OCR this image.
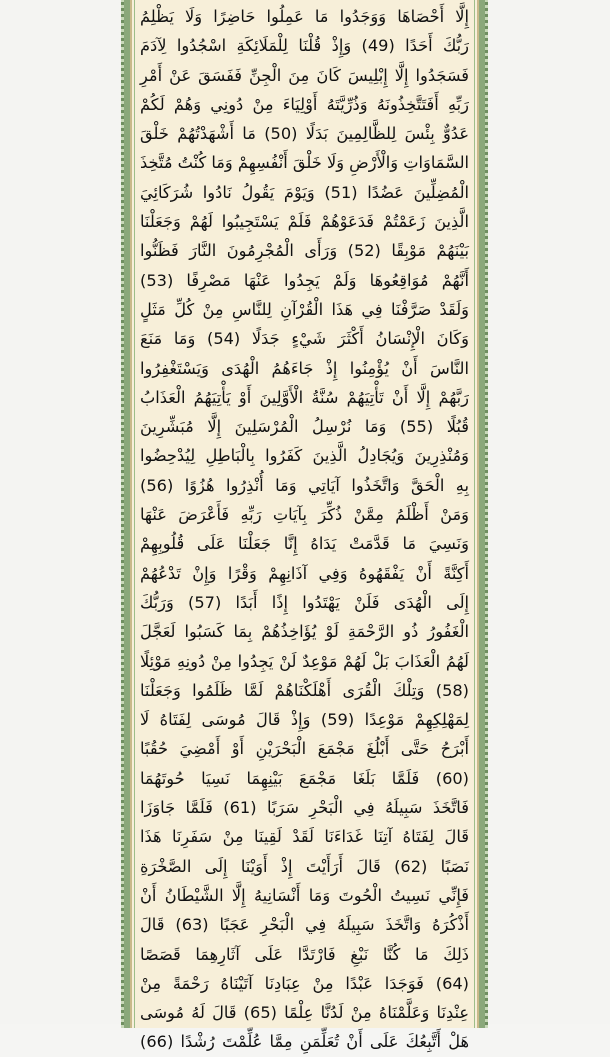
إِلَّا أَحْصَاهَا وَوَجَدُوا مَا عَمِلُوا حَاضِرًا وَلَا يَظْلِمُ
رَبُّكَ أَحَدًا (49) وَإِذْ قُلْنَا لِلْمَلَائِكَةِ اسْجُدُوا لِآدَمَ
فَسَجَدُوا إِلَّا إِبْلِيسَ كَانَ مِنَ الْجِنِّ فَفَسَقَ عَنْ أَمْرِ
رَبِّهِ أَفَتَتَّخِذُونَهُ وَذُرِّيَّتَهُ أَوْلِيَاءَ مِنْ دُونِي وَهُمْ لَكُمْ
عَدُوٌّ بِئْسَ لِلظَّالِمِينَ بَدَلًا (50) مَا أَشْهَدْتُهُمْ خَلْقَ
السَّمَاوَاتِ وَالْأَرْضِ وَلَا خَلْقَ أَنْفُسِهِمْ وَمَا كُنْتُ مُتَّخِذَ
الْمُضِلِّينَ عَضُدًا (51) وَيَوْمَ يَقُولُ نَادُوا شُرَكَائِيَ
الَّذِينَ زَعَمْتُمْ فَدَعَوْهُمْ فَلَمْ يَسْتَجِيبُوا لَهُمْ وَجَعَلْنَا
بَيْنَهُمْ مَوْبِقًا (52) وَرَأَى الْمُجْرِمُونَ النَّارَ فَظَنُّوا
أَنَّهُمْ مُوَاقِعُوهَا وَلَمْ يَجِدُوا عَنْهَا مَصْرِفًا (53)
وَلَقَدْ صَرَّفْنَا فِي هَذَا الْقُرْآنِ لِلنَّاسِ مِنْ كُلِّ مَثَلٍ
وَكَانَ الْإِنْسَانُ أَكْثَرَ شَيْءٍ جَدَلًا (54) وَمَا مَنَعَ
النَّاسَ أَنْ يُؤْمِنُوا إِذْ جَاءَهُمُ الْهُدَى وَيَسْتَغْفِرُوا
رَبَّهُمْ إِلَّا أَنْ تَأْتِيَهُمْ سُنَّةُ الْأَوَّلِينَ أَوْ يَأْتِيَهُمُ الْعَذَابُ
قُبُلًا (55) وَمَا نُرْسِلُ الْمُرْسَلِينَ إِلَّا مُبَشِّرِينَ
وَمُنْذِرِينَ وَيُجَادِلُ الَّذِينَ كَفَرُوا بِالْبَاطِلِ لِيُدْحِضُوا
بِهِ الْحَقَّ وَاتَّخَذُوا آيَاتِي وَمَا أُنْذِرُوا هُزُوًا (56)
وَمَنْ أَظْلَمُ مِمَّنْ ذُكِّرَ بِآيَاتِ رَبِّهِ فَأَعْرَضَ عَنْهَا
وَنَسِيَ مَا قَدَّمَتْ يَدَاهُ إِنَّا جَعَلْنَا عَلَى قُلُوبِهِمْ
أَكِنَّةً أَنْ يَفْقَهُوهُ وَفِي آذَانِهِمْ وَقْرًا وَإِنْ تَدْعُهُمْ
إِلَى الْهُدَى فَلَنْ يَهْتَدُوا إِذًا أَبَدًا (57) وَرَبُّكَ
الْغَفُورُ ذُو الرَّحْمَةِ لَوْ يُؤَاخِذُهُمْ بِمَا كَسَبُوا لَعَجَّلَ
لَهُمُ الْعَذَابَ بَلْ لَهُمْ مَوْعِدٌ لَنْ يَجِدُوا مِنْ دُونِهِ مَوْئِلًا
(58) وَتِلْكَ الْقُرَى أَهْلَكْنَاهُمْ لَمَّا ظَلَمُوا وَجَعَلْنَا
لِمَهْلِكِهِمْ مَوْعِدًا (59) وَإِذْ قَالَ مُوسَى لِفَتَاهُ لَا
أَبْرَحُ حَتَّى أَبْلُغَ مَجْمَعَ الْبَحْرَيْنِ أَوْ أَمْضِيَ حُقُبًا
(60) فَلَمَّا بَلَغَا مَجْمَعَ بَيْنِهِمَا نَسِيَا حُوتَهُمَا
فَاتَّخَذَ سَبِيلَهُ فِي الْبَحْرِ سَرَبًا (61) فَلَمَّا جَاوَزَا
قَالَ لِفَتَاهُ آتِنَا غَدَاءَنَا لَقَدْ لَقِينَا مِنْ سَفَرِنَا هَذَا
نَصَبًا (62) قَالَ أَرَأَيْتَ إِذْ أَوَيْنَا إِلَى الصَّخْرَةِ
فَإِنِّي نَسِيتُ الْحُوتَ وَمَا أَنْسَانِيهُ إِلَّا الشَّيْطَانُ أَنْ
أَذْكُرَهُ وَاتَّخَذَ سَبِيلَهُ فِي الْبَحْرِ عَجَبًا (63) قَالَ
ذَلِكَ مَا كُنَّا نَبْغِ فَارْتَدَّا عَلَى آثَارِهِمَا قَصَصًا
(64) فَوَجَدَا عَبْدًا مِنْ عِبَادِنَا آتَيْنَاهُ رَحْمَةً مِنْ
عِنْدِنَا وَعَلَّمْنَاهُ مِنْ لَدُنَّا عِلْمًا (65) قَالَ لَهُ مُوسَى
هَلْ أَتَّبِعُكَ عَلَى أَنْ تُعَلِّمَنِ مِمَّا عُلِّمْتَ رُشْدًا (66)
